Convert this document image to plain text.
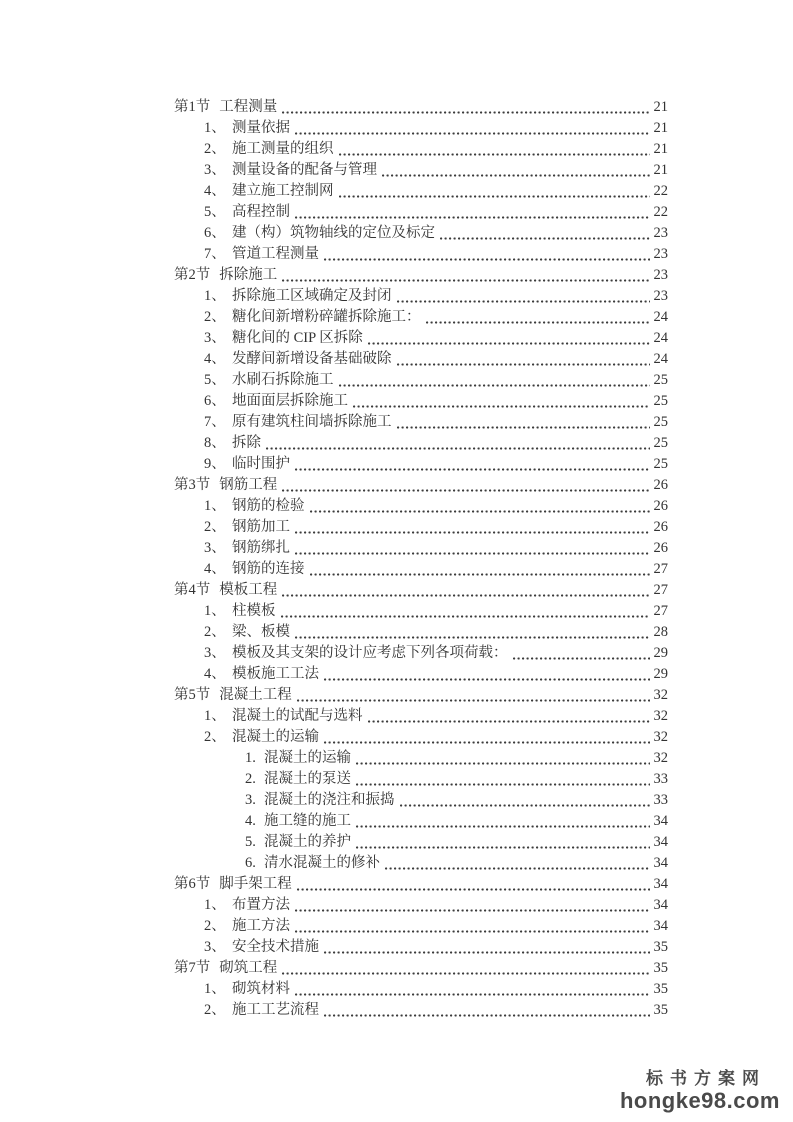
第1节 工程测量	21
1、 测量依据	21
2、 施工测量的组织	21
3、 测量设备的配备与管理	21
4、 建立施工控制网	22
5、 高程控制	22
6、 建（构）筑物轴线的定位及标定	23
7、 管道工程测量	23
第2节 拆除施工	23
1、 拆除施工区域确定及封闭	23
2、 糖化间新增粉碎罐拆除施工：	24
3、 糖化间的 CIP 区拆除	24
4、 发酵间新增设备基础破除	24
5、 水刷石拆除施工	25
6、 地面面层拆除施工	25
7、 原有建筑柱间墙拆除施工	25
8、 拆除	25
9、 临时围护	25
第3节 钢筋工程	26
1、 钢筋的检验	26
2、 钢筋加工	26
3、 钢筋绑扎	26
4、 钢筋的连接	27
第4节 模板工程	27
1、 柱模板	27
2、 梁、板模	28
3、 模板及其支架的设计应考虑下列各项荷载：	29
4、 模板施工工法	29
第5节 混凝土工程	32
1、 混凝土的试配与选料	32
2、 混凝土的运输	32
1. 混凝土的运输	32
2. 混凝土的泵送	33
3. 混凝土的浇注和振捣	33
4. 施工缝的施工	34
5. 混凝土的养护	34
6. 清水混凝土的修补	34
第6节 脚手架工程	34
1、 布置方法	34
2、 施工方法	34
3、 安全技术措施	35
第7节 砌筑工程	35
1、 砌筑材料	35
2、 施工工艺流程	35
标书方案网
hongke98.com
